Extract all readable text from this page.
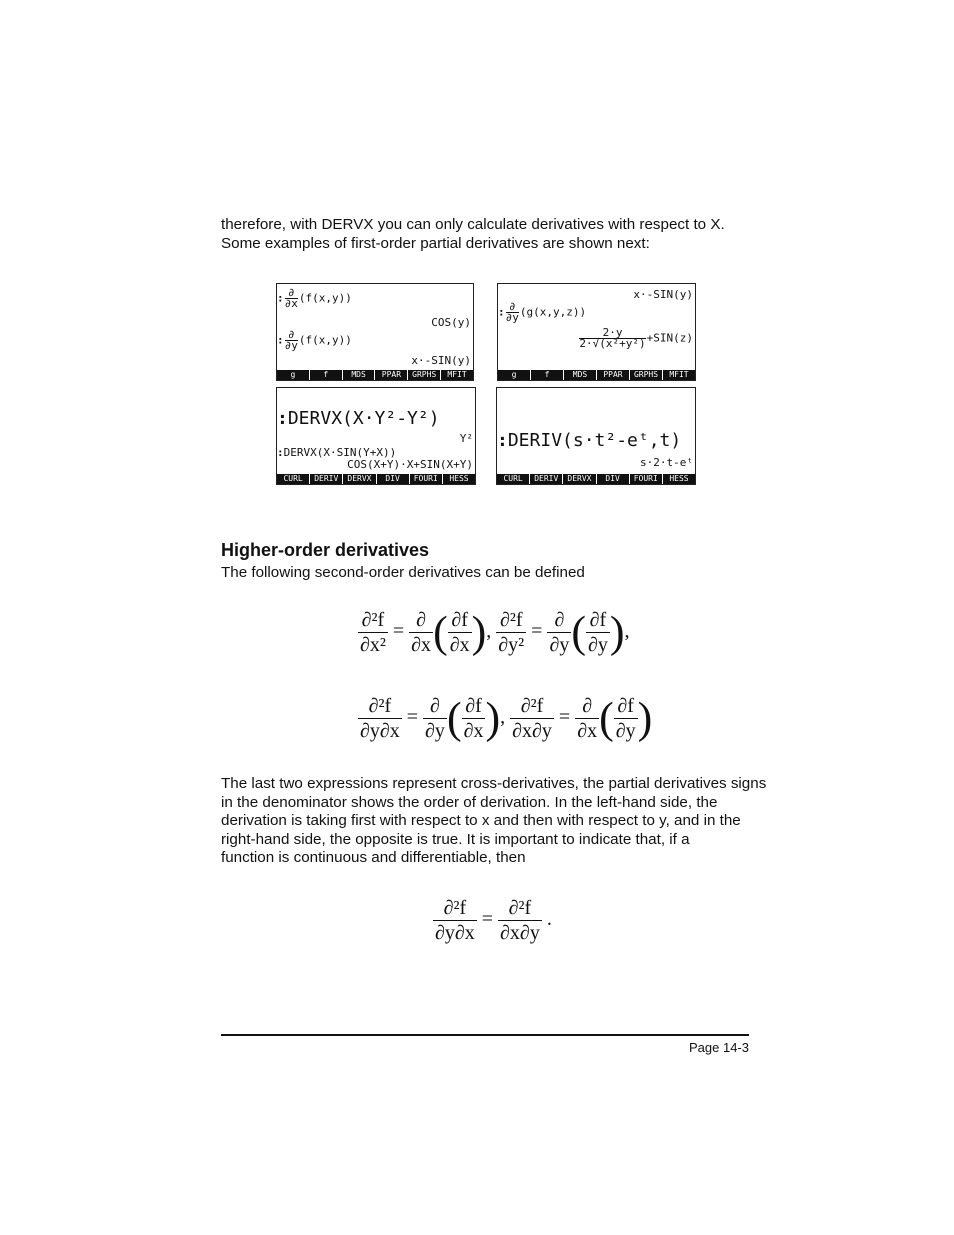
therefore, with DERVX you can only calculate derivatives with respect to X.
Some examples of first-order partial derivatives are shown next:
: ∂
∂x (f(x,y))
COS(y)
: ∂
∂y (f(x,y))
x·-SIN(y)
g	f	MDS	PPAR	GRPHS	MFIT
x·-SIN(y)
: ∂
∂y (g(x,y,z))
$\frac{2\cdot y}{\text{2·√(x²+y²)}} +SIN(z)$
g	f	MDS	PPAR	GRPHS	MFIT
:DERVX(X·Y²-Y²)
Y²
:DERVX(X·SIN(Y+X))
COS(X+Y)·X+SIN(X+Y)
CURL	DERIV	DERVX	DIV	FOURI	HESS
:DERIV(s·t²-eᵗ,t)
s·2·t-eᵗ
CURL	DERIV	DERVX	DIV	FOURI	HESS
Higher-order derivatives
The following second-order derivatives can be defined
$\frac{\text{∂²f}}{\text{∂x²}}$ =
∂
∂x ( $\frac{\partial f}{\partial x}$ ), $\frac{\text{∂²f}}{\text{∂y²}}$ =
∂
∂y ( $\frac{\partial f}{\partial y}$ ),
$\frac{\text{∂²f}}{\partial y\partial x}$ =
∂
∂y ( $\frac{\partial f}{\partial x}$ ), $\frac{\text{∂²f}}{\partial x\partial y}$ =
∂
∂x ( $\frac{\partial f}{\partial y}$ )
The last two expressions represent cross-derivatives, the partial derivatives signs
in the denominator shows the order of derivation. In the left-hand side, the
derivation is taking first with respect to x and then with respect to y, and in the
right-hand side, the opposite is true. It is important to indicate that, if a
function is continuous and differentiable, then
$\frac{\text{∂²f}}{\partial y\partial x} = \frac{\text{∂²f}}{\partial x\partial y}$ .
Page 14-3
